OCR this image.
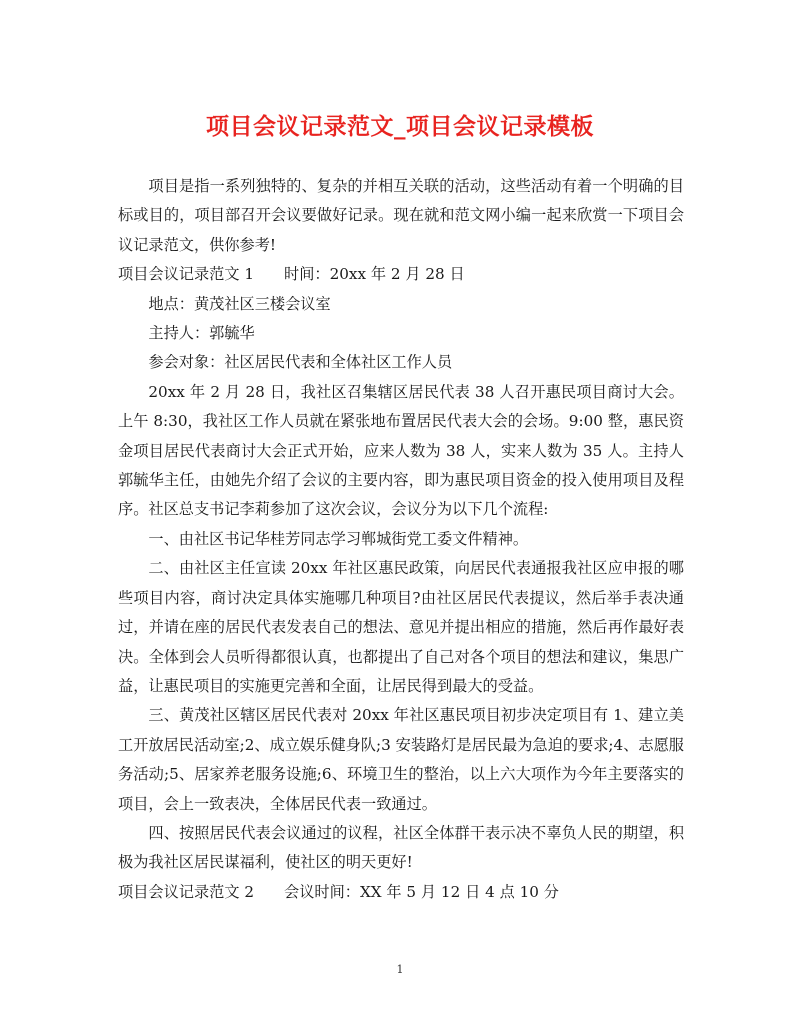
项目会议记录范文_项目会议记录模板

项目是指一系列独特的、复杂的并相互关联的活动，这些活动有着一个明确的目标或目的，项目部召开会议要做好记录。现在就和范文网小编一起来欣赏一下项目会议记录范文，供你参考!

项目会议记录范文 1 时间：20xx 年 2 月 28 日

地点：黄茂社区三楼会议室

主持人：郭毓华

参会对象：社区居民代表和全体社区工作人员

20xx 年 2 月 28 日，我社区召集辖区居民代表 38 人召开惠民项目商讨大会。上午 8:30，我社区工作人员就在紧张地布置居民代表大会的会场。9:00 整，惠民资金项目居民代表商讨大会正式开始，应来人数为 38 人，实来人数为 35 人。主持人郭毓华主任，由她先介绍了会议的主要内容，即为惠民项目资金的投入使用项目及程序。社区总支书记李莉参加了这次会议，会议分为以下几个流程:

一、由社区书记华桂芳同志学习郸城街党工委文件精神。

二、由社区主任宣读 20xx 年社区惠民政策，向居民代表通报我社区应申报的哪些项目内容，商讨决定具体实施哪几种项目?由社区居民代表提议，然后举手表决通过，并请在座的居民代表发表自己的想法、意见并提出相应的措施，然后再作最好表决。全体到会人员听得都很认真，也都提出了自己对各个项目的想法和建议，集思广益，让惠民项目的实施更完善和全面，让居民得到最大的受益。

三、黄茂社区辖区居民代表对 20xx 年社区惠民项目初步决定项目有 1、建立美工开放居民活动室;2、成立娱乐健身队;3 安装路灯是居民最为急迫的要求;4、志愿服务活动;5、居家养老服务设施;6、环境卫生的整治，以上六大项作为今年主要落实的项目，会上一致表决，全体居民代表一致通过。

四、按照居民代表会议通过的议程，社区全体群干表示决不辜负人民的期望，积极为我社区居民谋福利，使社区的明天更好!

项目会议记录范文 2 会议时间：XX 年 5 月 12 日 4 点 10 分

1
